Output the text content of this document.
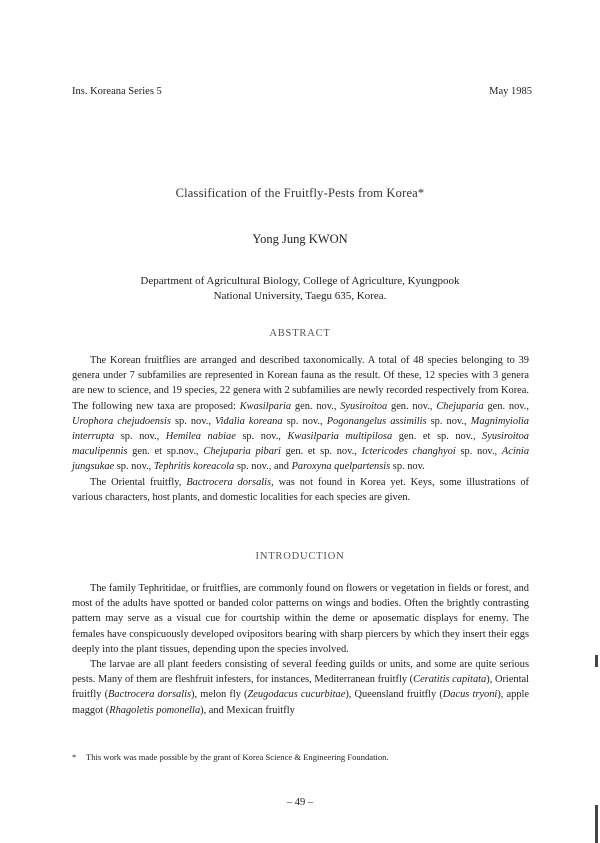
Ins. Koreana Series 5	May 1985
Classification of the Fruitfly-Pests from Korea*
Yong Jung KWON
Department of Agricultural Biology, College of Agriculture, Kyungpook
National University, Taegu 635, Korea.
ABSTRACT

The Korean fruitflies are arranged and described taxonomically. A total of 48 species belonging to 39 genera under 7 subfamilies are represented in Korean fauna as the result. Of these, 12 species with 3 genera are new to science, and 19 species, 22 genera with 2 subfamilies are newly recorded respectively from Korea. The following new taxa are proposed: Kwasilparia gen. nov., Syusiroitoa gen. nov., Chejuparia gen. nov., Urophora chejudoensis sp. nov., Vidalia koreana sp. nov., Pogonangelus assimilis sp. nov., Magnimyiolia interrupta sp. nov., Hemilea nabiae sp. nov., Kwasilparia multipilosa gen. et sp. nov., Syusiroitoa maculipennis gen. et sp.nov., Chejuparia pibari gen. et sp. nov., Ictericodes changhyoi sp. nov., Acinia jungsukae sp. nov., Tephritis koreacola sp. nov., and Paroxyna quelpartensis sp. nov.

The Oriental fruitfly, Bactrocera dorsalis, was not found in Korea yet. Keys, some illustrations of various characters, host plants, and domestic localities for each species are given.

INTRODUCTION

The family Tephritidae, or fruitflies, are commonly found on flowers or vegetation in fields or forest, and most of the adults have spotted or banded color patterns on wings and bodies. Often the brightly contrasting pattern may serve as a visual cue for courtship within the deme or aposematic displays for enemy. The females have conspicuously developed ovipositors bearing with sharp piercers by which they insert their eggs deeply into the plant tissues, depending upon the species involved.

The larvae are all plant feeders consisting of several feeding guilds or units, and some are quite serious pests. Many of them are fleshfruit infesters, for instances, Mediterranean fruitfly (Ceratitis capitata), Oriental fruitfly (Bactrocera dorsalis), melon fly (Zeugodacus cucurbitae), Queensland fruitfly (Dacus tryoni), apple maggot (Rhagoletis pomonella), and Mexican fruitfly

* This work was made possible by the grant of Korea Science & Engineering Foundation.
– 49 –
